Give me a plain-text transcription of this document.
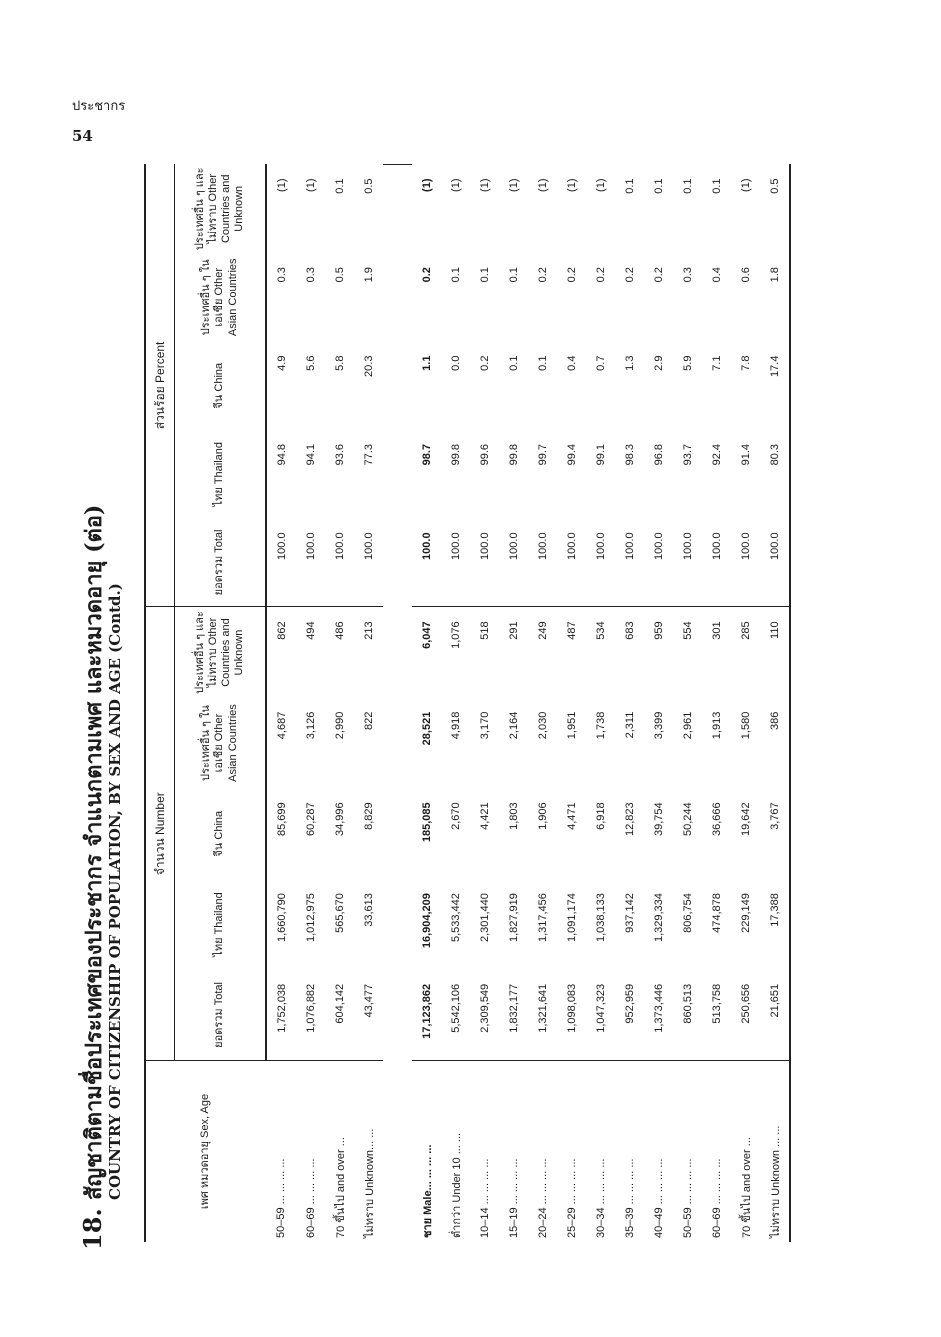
ประชากร
54
18.
สัญชาติตามชื่อประเทศของประชากร จำแนกตามเพศ และหมวดอายุ (ต่อ) COUNTRY OF CITIZENSHIP OF POPULATION, BY SEX AND AGE (Contd.)	เพศ หมวดอายุ Sex, Age	จำนวน Number					ส่วนร้อย Percent				
	ยอดรวม Total	ไทย Thailand	จีน China	ประเทศอื่น ๆ ในเอเชีย Other Asian Countries	ประเทศอื่น ๆ และไม่ทราบ Other Countries and Unknown	ยอดรวม Total	ไทย Thailand	จีน China	ประเทศอื่น ๆ ในเอเชีย Other Asian Countries	ประเทศอื่น ๆ และไม่ทราบ Other Countries and Unknown
50–59 ... ... ... ...	1,752,038	1,660,790	85,699	4,687	862	100.0	94.8	4.9	0.3	(1)
60–69 ... ... ... ...	1,076,882	1,012,975	60,287	3,126	494	100.0	94.1	5.6	0.3	(1)
70 ขึ้นไป and over ...	604,142	565,670	34,996	2,990	486	100.0	93.6	5.8	0.5	0.1
ไม่ทราบ Unknown... ...	43,477	33,613	8,829	822	213	100.0	77.3	20.3	1.9	0.5

ชาย Male... ... ... ...	17,123,862	16,904,209	185,085	28,521	6,047	100.0	98.7	1.1	0.2	(1)
ต่ำกว่า Under 10 ... ...	5,542,106	5,533,442	2,670	4,918	1,076	100.0	99.8	0.0	0.1	(1)
10–14 ... ... ... ...	2,309,549	2,301,440	4,421	3,170	518	100.0	99.6	0.2	0.1	(1)
15–19 ... ... ... ...	1,832,177	1,827,919	1,803	2,164	291	100.0	99.8	0.1	0.1	(1)
20–24 ... ... ... ...	1,321,641	1,317,456	1,906	2,030	249	100.0	99.7	0.1	0.2	(1)
25–29 ... ... ... ...	1,098,083	1,091,174	4,471	1,951	487	100.0	99.4	0.4	0.2	(1)
30–34 ... ... ... ...	1,047,323	1,038,133	6,918	1,738	534	100.0	99.1	0.7	0.2	(1)
35–39 ... ... ... ...	952,959	937,142	12,823	2,311	683	100.0	98.3	1.3	0.2	0.1
40–49 ... ... ... ...	1,373,446	1,329,334	39,754	3,399	959	100.0	96.8	2.9	0.2	0.1
50–59 ... ... ... ...	860,513	806,754	50,244	2,961	554	100.0	93.7	5.9	0.3	0.1
60–69 ... ... ... ...	513,758	474,878	36,666	1,913	301	100.0	92.4	7.1	0.4	0.1
70 ขึ้นไป and over ...	250,656	229,149	19,642	1,580	285	100.0	91.4	7.8	0.6	(1)
ไม่ทราบ Unknown ... ...	21,651	17,388	3,767	386	110	100.0	80.3	17.4	1.8	0.5
